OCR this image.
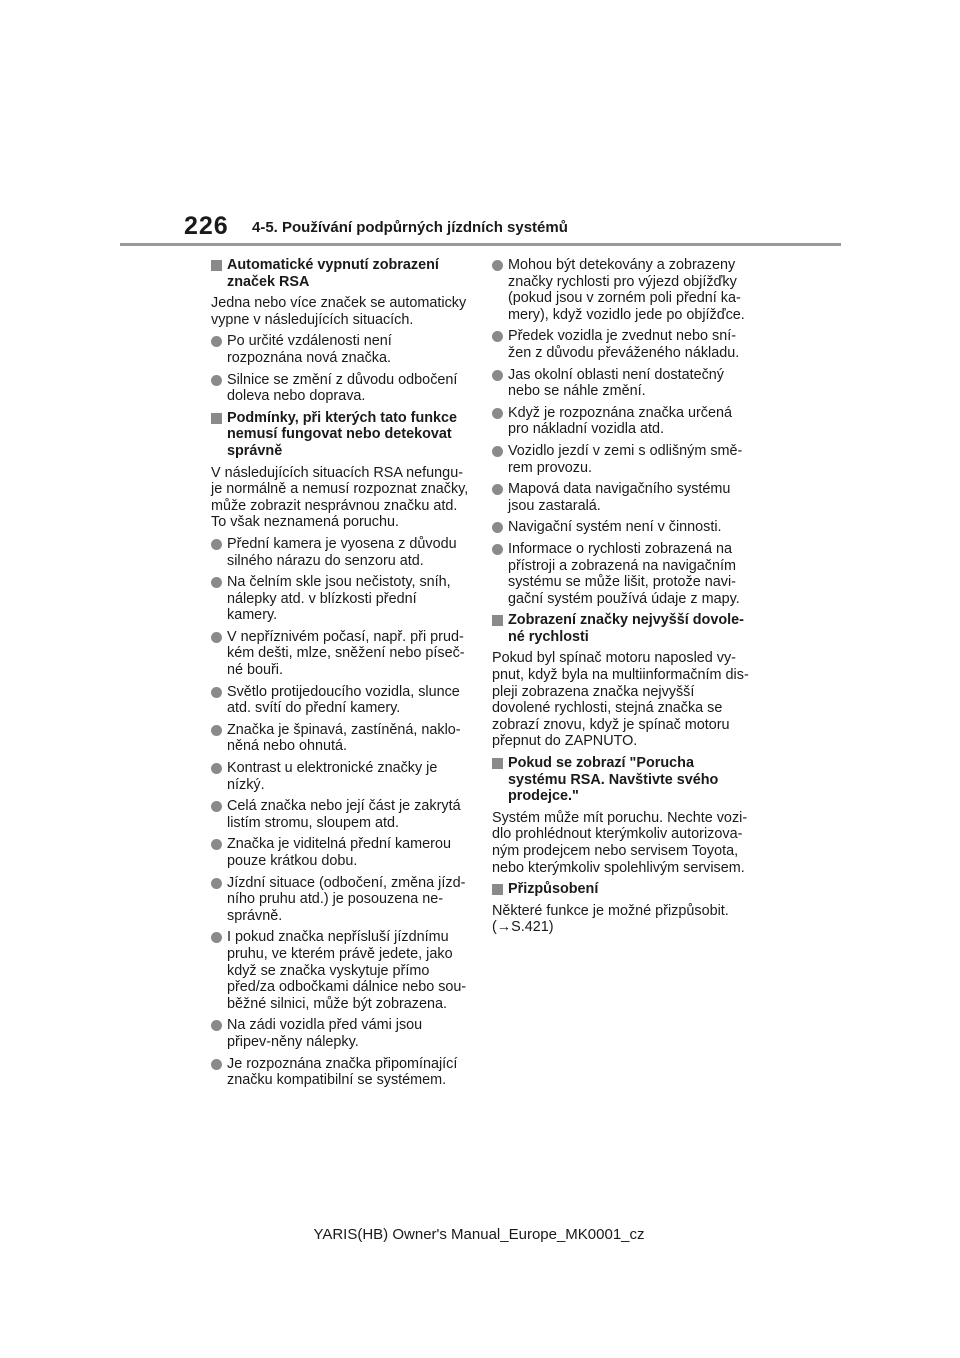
226 4-5. Používání podpůrných jízdních systémů
Automatické vypnutí zobrazení značek RSA
Jedna nebo více značek se automaticky vypne v následujících situacích.
Po určité vzdálenosti není rozpoznána nová značka.
Silnice se změní z důvodu odbočení doleva nebo doprava.
Podmínky, při kterých tato funkce nemusí fungovat nebo detekovat správně
V následujících situacích RSA nefungu-je normálně a nemusí rozpoznat značky, může zobrazit nesprávnou značku atd. To však neznamená poruchu.
Přední kamera je vyosena z důvodu silného nárazu do senzoru atd.
Na čelním skle jsou nečistoty, sníh, nálepky atd. v blízkosti přední kamery.
V nepříznivém počasí, např. při prud-kém dešti, mlze, sněžení nebo píseč-né bouři.
Světlo protijedoucího vozidla, slunce atd. svítí do přední kamery.
Značka je špinavá, zastíněná, naklo-něná nebo ohnutá.
Kontrast u elektronické značky je nízký.
Celá značka nebo její část je zakrytá listím stromu, sloupem atd.
Značka je viditelná přední kamerou pouze krátkou dobu.
Jízdní situace (odbočení, změna jízd-ního pruhu atd.) je posouzena ne-správně.
I pokud značka nepřísluší jízdnímu pruhu, ve kterém právě jedete, jako když se značka vyskytuje přímo před/za odbočkami dálnice nebo sou-běžné silnici, může být zobrazena.
Na zádi vozidla před vámi jsou připev-něny nálepky.
Je rozpoznána značka připomínající značku kompatibilní se systémem.
Mohou být detekovány a zobrazeny značky rychlosti pro výjezd objížďky (pokud jsou v zorném poli přední ka-mery), když vozidlo jede po objížďce.
Předek vozidla je zvednut nebo sní-žen z důvodu převáženého nákladu.
Jas okolní oblasti není dostatečný nebo se náhle změní.
Když je rozpoznána značka určená pro nákladní vozidla atd.
Vozidlo jezdí v zemi s odlišným smě-rem provozu.
Mapová data navigačního systému jsou zastaralá.
Navigační systém není v činnosti.
Informace o rychlosti zobrazená na přístroji a zobrazená na navigačním systému se může lišit, protože navi-gační systém používá údaje z mapy.
Zobrazení značky nejvyšší dovole-né rychlosti
Pokud byl spínač motoru naposled vy-pnut, když byla na multiinformačním dis-pleji zobrazena značka nejvyšší dovolené rychlosti, stejná značka se zobrazí znovu, když je spínač motoru přepnut do ZAPNUTO.
Pokud se zobrazí "Porucha systému RSA. Navštivte svého prodejce."
Systém může mít poruchu. Nechte vozi-dlo prohlédnout kterýmkoliv autorizova-ným prodejcem nebo servisem Toyota, nebo kterýmkoliv spolehlivým servisem.
Přizpůsobení
Některé funkce je možné přizpůsobit.
(→S.421)
YARIS(HB) Owner's Manual_Europe_MK0001_cz
